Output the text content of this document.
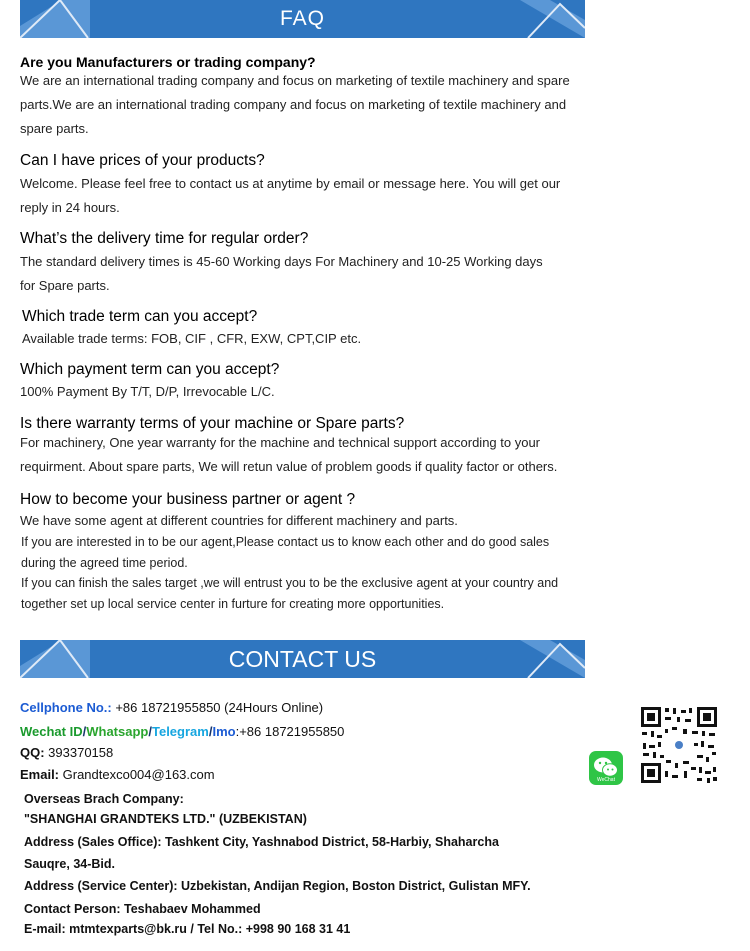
FAQ
Are you Manufacturers or trading company?
We are an international trading company and focus on marketing of textile machinery and spare parts.We are an international trading company and focus on marketing of textile machinery and spare parts.
Can I have prices of your products?
Welcome. Please feel free to contact us at anytime by email or message here. You will get our reply in 24 hours.
What’s the delivery time for regular order?
The standard delivery times is 45-60 Working days For Machinery and 10-25 Working days for Spare parts.
Which trade term can you accept?
Available trade terms: FOB, CIF , CFR, EXW, CPT,CIP etc.
Which payment term can you accept?
100% Payment By T/T, D/P, Irrevocable L/C.
Is there warranty terms of your machine or Spare parts?
For machinery, One year warranty for the machine and technical support according to your requirment. About spare parts, We will retun value of problem goods if quality factor or others.
How to become your business partner or agent ?
We have some agent at different countries for different machinery and parts.
If you are interested in to be our agent,Please contact us to know each other and do good sales during the agreed time period.
If you can finish the sales target ,we will entrust you to be the exclusive agent at your country and together set up local service center in furture for creating more opportunities.
CONTACT US
Cellphone No.: +86 18721955850 (24Hours Online)
Wechat ID/Whatsapp/Telegram/Imo:+86 18721955850
QQ: 393370158
Email: Grandtexco004@163.com
Overseas Brach Company:
"SHANGHAI GRANDTEKS LTD." (UZBEKISTAN)
Address (Sales Office): Tashkent City, Yashnabod District, 58-Harbiy, Shaharcha
Sauqre, 34-Bid.
Address (Service Center): Uzbekistan, Andijan Region, Boston District, Gulistan MFY.
Contact Person: Teshabaev Mohammed
E-mail: mtmtexparts@bk.ru / Tel No.: +998 90 168 31 41
WeChat
